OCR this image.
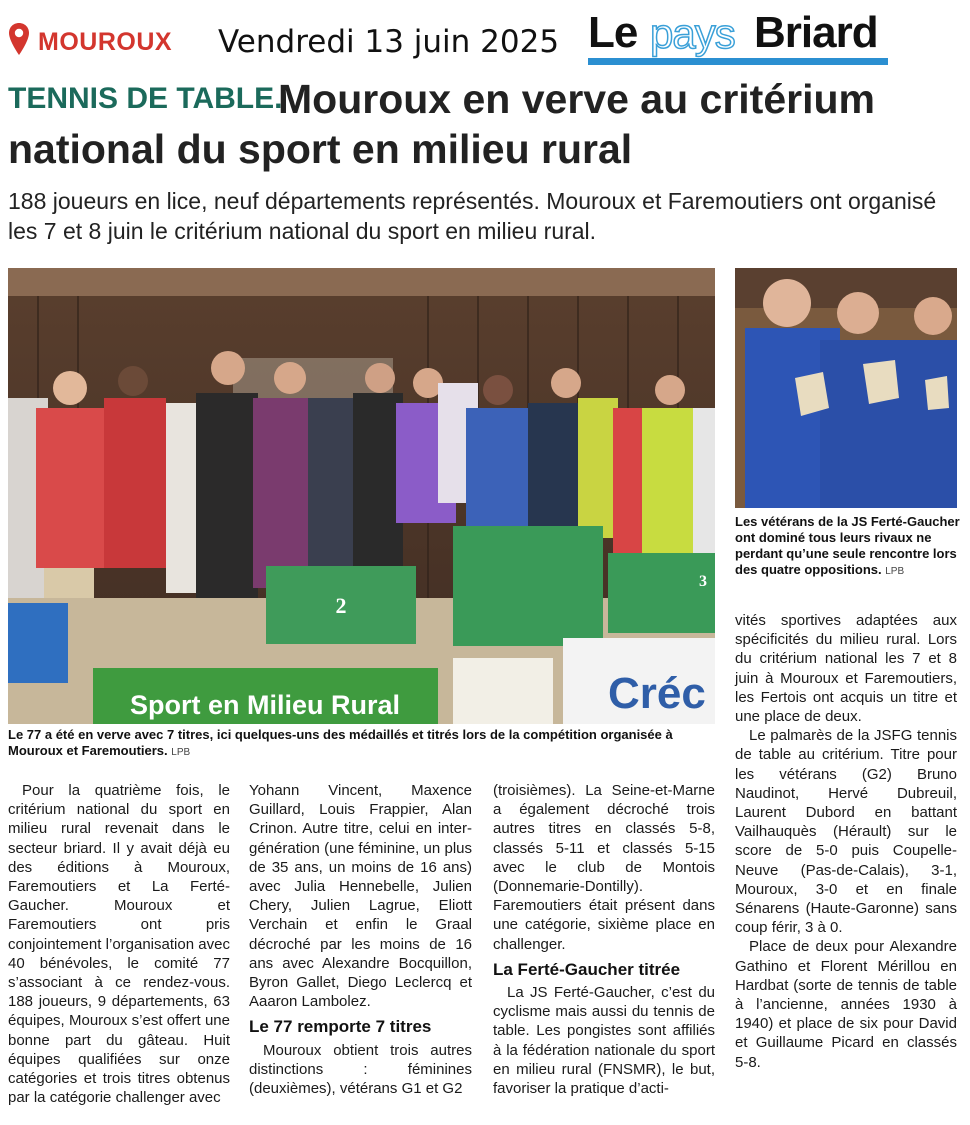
MOUROUX Vendredi 13 juin 2025 Le pays Briard
TENNIS DE TABLE.
Mouroux en verve au critérium
national du sport en milieu rural
188 joueurs en lice, neuf départements représentés. Mouroux et Faremoutiers ont organisé les 7 et 8 juin le critérium national du sport en milieu rural.
2
3
Sport en Milieu Rural	Créc
Le 77 a été en verve avec 7 titres, ici quelques-uns des médaillés et titrés lors de la compétition organisée à Mouroux et Faremoutiers. LPB
Les vétérans de la JS Ferté-Gaucher ont dominé tous leurs rivaux ne perdant qu’une seule rencontre lors des quatre oppositions. LPB

Pour la quatrième fois, le critérium national du sport en milieu rural revenait dans le secteur briard. Il y avait déjà eu des éditions à Mouroux, Faremoutiers et La Ferté-Gaucher. Mouroux et Faremoutiers ont pris conjointement l’organisation avec 40 bénévoles, le comité 77 s’associant à ce rendez-vous. 188 joueurs, 9 départements, 63 équipes, Mouroux s’est offert une bonne part du gâteau. Huit équipes qualifiées sur onze catégories et trois titres obtenus par la catégorie challenger avec

Yohann Vincent, Maxence Guillard, Louis Frappier, Alan Crinon. Autre titre, celui en inter-génération (une féminine, un plus de 35 ans, un moins de 16 ans) avec Julia Hennebelle, Julien Chery, Julien Lagrue, Eliott Verchain et enfin le Graal décroché par les moins de 16 ans avec Alexandre Bocquillon, Byron Gallet, Diego Leclercq et Aaaron Lambolez.

Le 77 remporte 7 titres

Mouroux obtient trois autres distinctions : féminines (deuxièmes), vétérans G1 et G2

(troisièmes). La Seine-et-Marne a également décroché trois autres titres en classés 5-8, classés 5-11 et classés 5-15 avec le club de Montois (Donnemarie-Dontilly). Faremoutiers était présent dans une catégorie, sixième place en challenger.

La Ferté-Gaucher titrée

La JS Ferté-Gaucher, c’est du cyclisme mais aussi du tennis de table. Les pongistes sont affiliés à la fédération nationale du sport en milieu rural (FNSMR), le but, favoriser la pratique d’acti-

vités sportives adaptées aux spécificités du milieu rural. Lors du critérium national les 7 et 8 juin à Mouroux et Faremoutiers, les Fertois ont acquis un titre et une place de deux.

Le palmarès de la JSFG tennis de table au critérium. Titre pour les vétérans (G2) Bruno Naudinot, Hervé Dubreuil, Laurent Dubord en battant Vailhauquès (Hérault) sur le score de 5-0 puis Coupelle-Neuve (Pas-de-Calais), 3-1, Mouroux, 3-0 et en finale Sénarens (Haute-Garonne) sans coup férir, 3 à 0.

Place de deux pour Alexandre Gathino et Florent Mérillou en Hardbat (sorte de tennis de table à l’ancienne, années 1930 à 1940) et place de six pour David et Guillaume Picard en classés 5-8.
